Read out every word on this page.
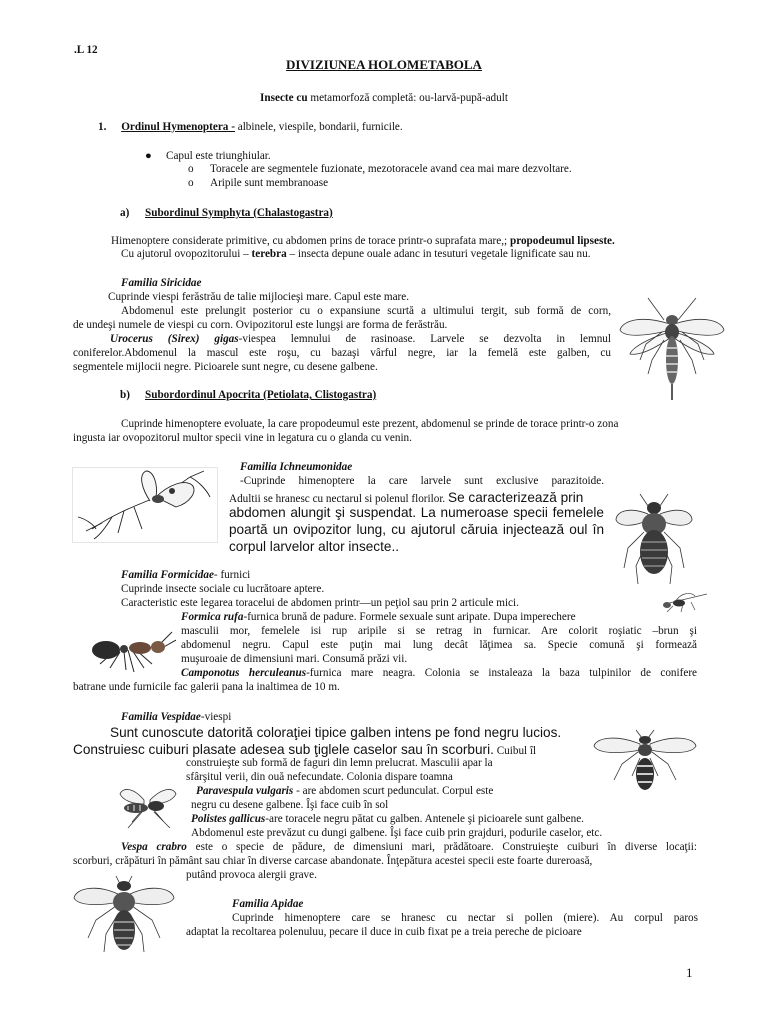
.L 12
DIVIZIUNEA HOLOMETABOLA
Insecte cu metamorfoză completă: ou-larvă-pupă-adult
1. Ordinul Hymenoptera - albinele, viespile, bondarii, furnicile.
● Capul este triunghiular.
o Toracele are segmentele fuzionate, mezotoracele avand cea mai mare dezvoltare.
o Aripile sunt membranoase
a) Subordinul Symphyta (Chalastogastra)
Himenoptere considerate primitive, cu abdomen prins de torace printr-o suprafata mare,; propodeumul lipseste.
Cu ajutorul ovopozitorului – terebra – insecta depune ouale adanc in tesuturi vegetale lignificate sau nu.
Familia Siricidae
Cuprinde viespi ferăstrău de talie mijlocieşi mare. Capul este mare.
Abdomenul este prelungit posterior cu o expansiune scurtă a ultimului tergit, sub formă de corn,
de undeşi numele de viespi cu corn. Ovipozitorul este lungşi are forma de ferăstrău.
Urocerus (Sirex) gigas-viespea lemnului de rasinoase. Larvele se dezvolta in lemnul
coniferelor.Abdomenul la mascul este roşu, cu bazaşi vârful negre, iar la femelă este galben, cu
segmentele mijlocii negre. Picioarele sunt negre, cu desene galbene.
b) Subordordinul Apocrita (Petiolata, Clistogastra)
Cuprinde himenoptere evoluate, la care propodeumul este prezent, abdomenul se prinde de torace printr-o zona
ingusta iar ovopozitorul multor specii vine in legatura cu o glanda cu venin.
Familia Ichneumonidae
-Cuprinde himenoptere la care larvele sunt exclusive parazitoide.
Adultii se hranesc cu nectarul si polenul florilor. Se caracterizează prin
abdomen alungit şi suspendat. La numeroase specii femelele
poartă un ovipozitor lung, cu ajutorul căruia injectează oul în
corpul larvelor altor insecte..
Familia Formicidae- furnici
Cuprinde insecte sociale cu lucrătoare aptere.
Caracteristic este legarea toracelui de abdomen printr—un peţiol sau prin 2 articule mici.
Formica rufa-furnica brună de padure. Formele sexuale sunt aripate. Dupa imperechere
masculii mor, femelele isi rup aripile si se retrag in furnicar. Are colorit roşiatic –brun şi
abdomenul negru. Capul este puţin mai lung decât lăţimea sa. Specie comună şi formează
muşuroaie de dimensiuni mari. Consumă prăzi vii.
Camponotus herculeanus-furnica mare neagra. Colonia se instaleaza la baza tulpinilor de conifere
batrane unde furnicile fac galerii pana la inaltimea de 10 m.
Familia Vespidae-viespi
Sunt cunoscute datorită coloraţiei tipice galben intens pe fond negru lucios.
Construiesc cuiburi plasate adesea sub ţiglele caselor sau în scorburi. Cuibul îl
construieşte sub formă de faguri din lemn prelucrat. Masculii apar la
sfârşitul verii, din ouă nefecundate. Colonia dispare toamna
Paravespula vulgaris - are abdomen scurt pedunculat. Corpul este
negru cu desene galbene. Îşi face cuib în sol
Polistes gallicus-are toracele negru pătat cu galben. Antenele şi picioarele sunt galbene.
Abdomenul este prevăzut cu dungi galbene. Îşi face cuib prin grajduri, podurile caselor, etc.
Vespa crabro este o specie de pădure, de dimensiuni mari, prădătoare. Construieşte cuiburi în diverse locaţii:
scorburi, crăpături în pământ sau chiar în diverse carcase abandonate. Înţepătura acestei specii este foarte dureroasă,
putând provoca alergii grave.
Familia Apidae
Cuprinde himenoptere care se hranesc cu nectar si pollen (miere). Au corpul paros
adaptat la recoltarea polenuluu, pecare il duce in cuib fixat pe a treia pereche de picioare
1
